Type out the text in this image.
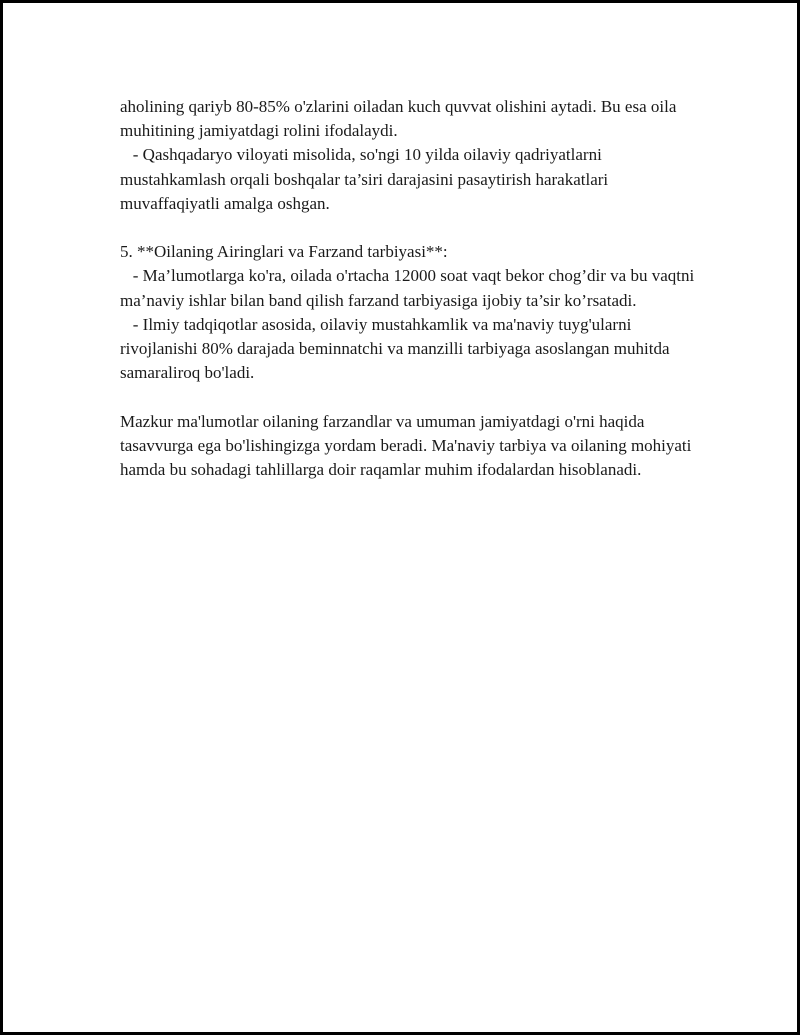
aholining qariyb 80-85% o'zlarini oiladan kuch quvvat olishini aytadi. Bu esa oila muhitining jamiyatdagi rolini ifodalaydi.

- Qashqadaryo viloyati misolida, so'ngi 10 yilda oilaviy qadriyatlarni mustahkamlash orqali boshqalar ta’siri darajasini pasaytirish harakatlari muvaffaqiyatli amalga oshgan.

5. **Oilaning Airinglari va Farzand tarbiyasi**:

- Ma’lumotlarga ko'ra, oilada o'rtacha 12000 soat vaqt bekor chog’dir va bu vaqtni ma’naviy ishlar bilan band qilish farzand tarbiyasiga ijobiy ta’sir ko’rsatadi.

- Ilmiy tadqiqotlar asosida, oilaviy mustahkamlik va ma'naviy tuyg'ularni rivojlanishi 80% darajada beminnatchi va manzilli tarbiyaga asoslangan muhitda samaraliroq bo'ladi.

Mazkur ma'lumotlar oilaning farzandlar va umuman jamiyatdagi o'rni haqida tasavvurga ega bo'lishingizga yordam beradi. Ma'naviy tarbiya va oilaning mohiyati hamda bu sohadagi tahlillarga doir raqamlar muhim ifodalardan hisoblanadi.
